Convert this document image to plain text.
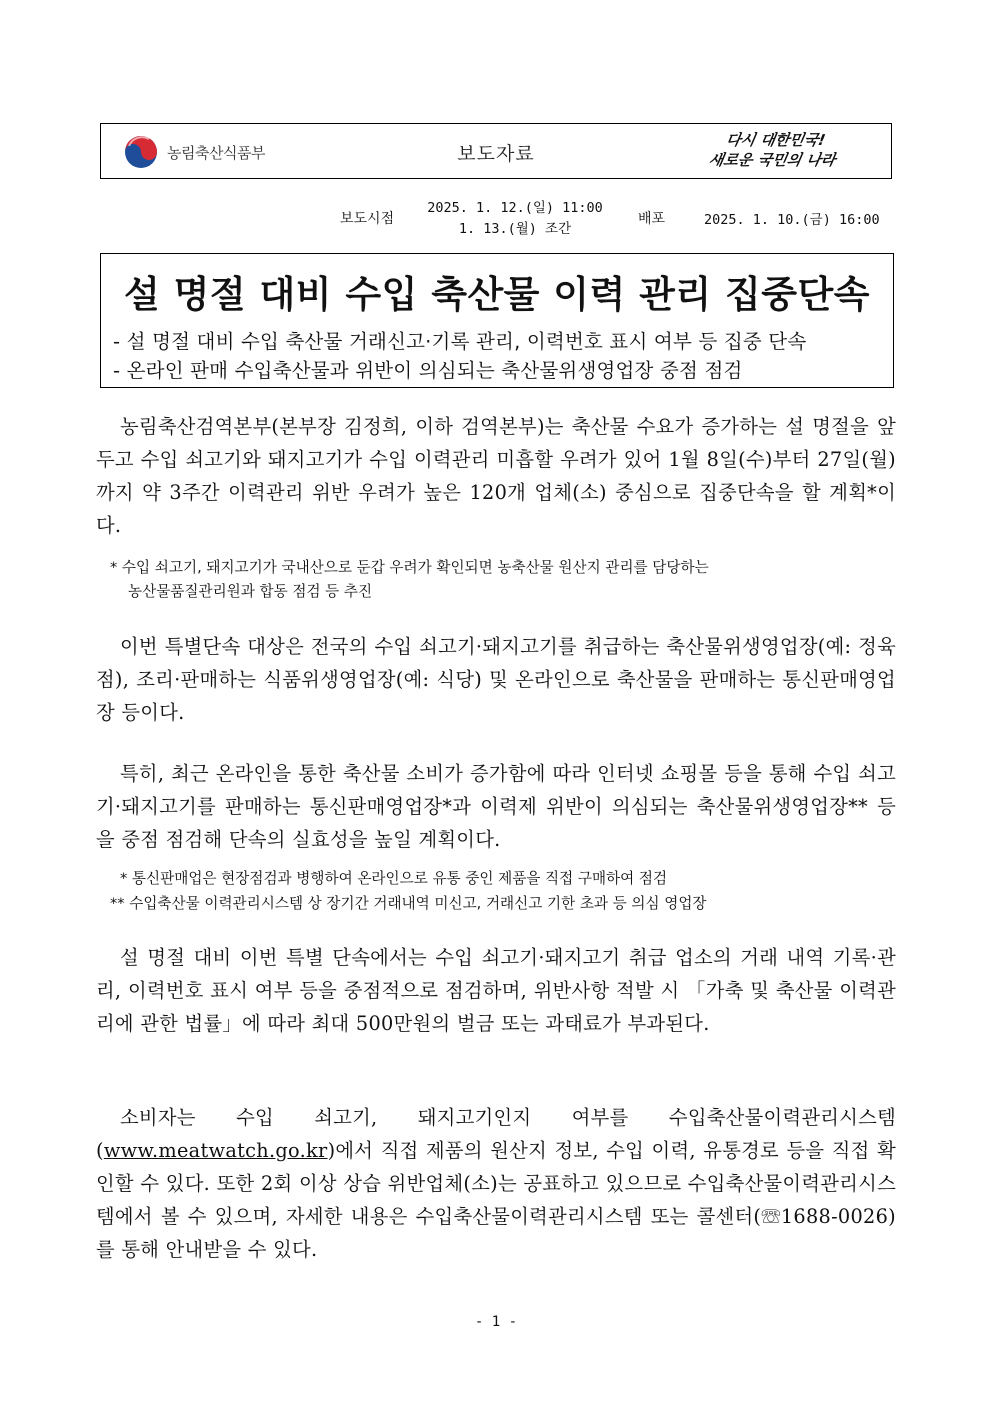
농림축산식품부	보도자료
다시 대한민국!
새로운 국민의 나라
보도시점
2025. 1. 12.(일) 11:00
1. 13.(월) 조간
배포	2025. 1. 10.(금) 16:00
설 명절 대비 수입 축산물 이력 관리 집중단속
- 설 명절 대비 수입 축산물 거래신고·기록 관리, 이력번호 표시 여부 등 집중 단속
- 온라인 판매 수입축산물과 위반이 의심되는 축산물위생영업장 중점 점검

농림축산검역본부(본부장 김정희, 이하 검역본부)는 축산물 수요가 증가하는 설 명절을 앞두고 수입 쇠고기와 돼지고기가 수입 이력관리 미흡할 우려가 있어 1월 8일(수)부터 27일(월)까지 약 3주간 이력관리 위반 우려가 높은 120개 업체(소) 중심으로 집중단속을 할 계획*이다.

* 수입 쇠고기, 돼지고기가 국내산으로 둔갑 우려가 확인되면 농축산물 원산지 관리를 담당하는
농산물품질관리원과 합동 점검 등 추진

이번 특별단속 대상은 전국의 수입 쇠고기·돼지고기를 취급하는 축산물위생영업장(예: 정육점), 조리·판매하는 식품위생영업장(예: 식당) 및 온라인으로 축산물을 판매하는 통신판매영업장 등이다.

특히, 최근 온라인을 통한 축산물 소비가 증가함에 따라 인터넷 쇼핑몰 등을 통해 수입 쇠고기·돼지고기를 판매하는 통신판매영업장*과 이력제 위반이 의심되는 축산물위생영업장** 등을 중점 점검해 단속의 실효성을 높일 계획이다.

* 통신판매업은 현장점검과 병행하여 온라인으로 유통 중인 제품을 직접 구매하여 점검
** 수입축산물 이력관리시스템 상 장기간 거래내역 미신고, 거래신고 기한 초과 등 의심 영업장

설 명절 대비 이번 특별 단속에서는 수입 쇠고기·돼지고기 취급 업소의 거래 내역 기록·관리, 이력번호 표시 여부 등을 중점적으로 점검하며, 위반사항 적발 시 「가축 및 축산물 이력관리에 관한 법률」에 따라 최대 500만원의 벌금 또는 과태료가 부과된다.

소비자는 수입 쇠고기, 돼지고기인지 여부를 수입축산물이력관리시스템(www.meatwatch.go.kr)에서 직접 제품의 원산지 정보, 수입 이력, 유통경로 등을 직접 확인할 수 있다. 또한 2회 이상 상습 위반업체(소)는 공표하고 있으므로 수입축산물이력관리시스템에서 볼 수 있으며, 자세한 내용은 수입축산물이력관리시스템 또는 콜센터(☏1688-0026)를 통해 안내받을 수 있다.

- 1 -
